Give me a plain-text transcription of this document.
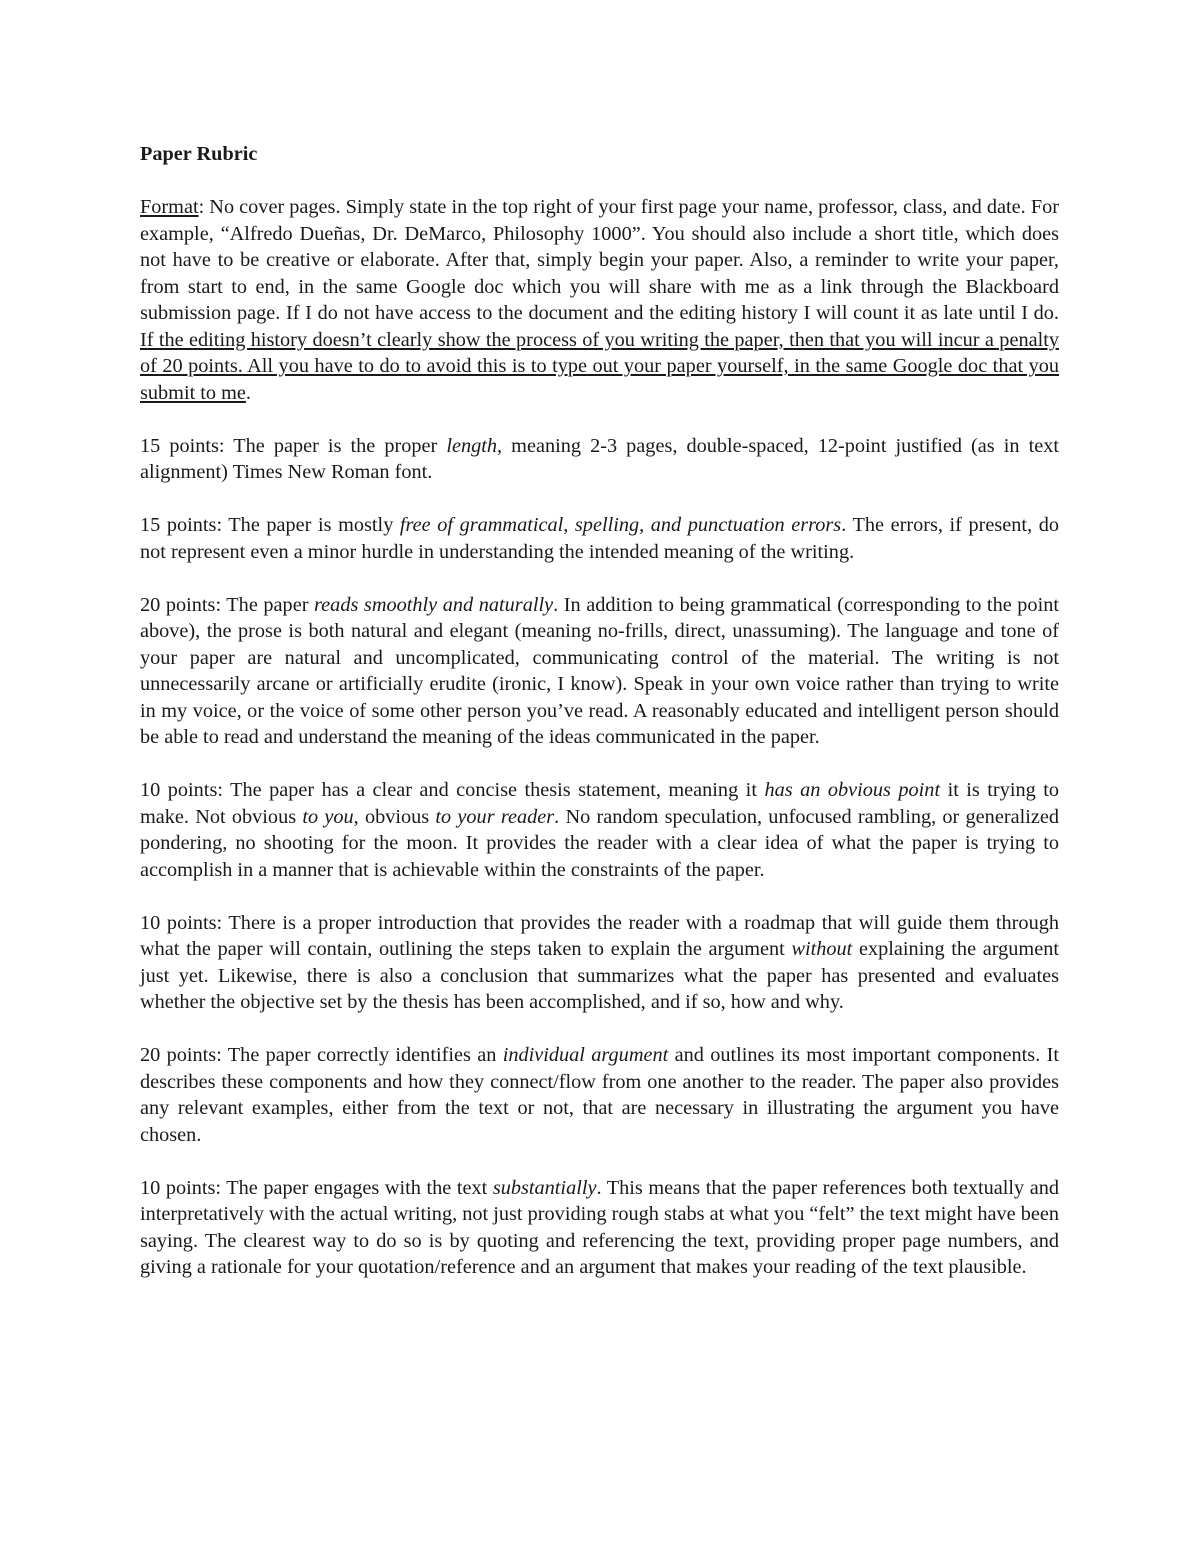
Paper Rubric

Format: No cover pages. Simply state in the top right of your first page your name, professor, class, and date. For example, “Alfredo Dueñas, Dr. DeMarco, Philosophy 1000”. You should also include a short title, which does not have to be creative or elaborate. After that, simply begin your paper. Also, a reminder to write your paper, from start to end, in the same Google doc which you will share with me as a link through the Blackboard submission page. If I do not have access to the document and the editing history I will count it as late until I do. If the editing history doesn’t clearly show the process of you writing the paper, then that you will incur a penalty of 20 points. All you have to do to avoid this is to type out your paper yourself, in the same Google doc that you submit to me.

15 points: The paper is the proper length, meaning 2-3 pages, double-spaced, 12-point justified (as in text alignment) Times New Roman font.

15 points: The paper is mostly free of grammatical, spelling, and punctuation errors. The errors, if present, do not represent even a minor hurdle in understanding the intended meaning of the writing.

20 points: The paper reads smoothly and naturally. In addition to being grammatical (corresponding to the point above), the prose is both natural and elegant (meaning no-frills, direct, unassuming). The language and tone of your paper are natural and uncomplicated, communicating control of the material. The writing is not unnecessarily arcane or artificially erudite (ironic, I know). Speak in your own voice rather than trying to write in my voice, or the voice of some other person you’ve read. A reasonably educated and intelligent person should be able to read and understand the meaning of the ideas communicated in the paper.

10 points: The paper has a clear and concise thesis statement, meaning it has an obvious point it is trying to make. Not obvious to you, obvious to your reader. No random speculation, unfocused rambling, or generalized pondering, no shooting for the moon. It provides the reader with a clear idea of what the paper is trying to accomplish in a manner that is achievable within the constraints of the paper.

10 points: There is a proper introduction that provides the reader with a roadmap that will guide them through what the paper will contain, outlining the steps taken to explain the argument without explaining the argument just yet. Likewise, there is also a conclusion that summarizes what the paper has presented and evaluates whether the objective set by the thesis has been accomplished, and if so, how and why.

20 points: The paper correctly identifies an individual argument and outlines its most important components. It describes these components and how they connect/flow from one another to the reader. The paper also provides any relevant examples, either from the text or not, that are necessary in illustrating the argument you have chosen.

10 points: The paper engages with the text substantially. This means that the paper references both textually and interpretatively with the actual writing, not just providing rough stabs at what you “felt” the text might have been saying. The clearest way to do so is by quoting and referencing the text, providing proper page numbers, and giving a rationale for your quotation/reference and an argument that makes your reading of the text plausible.
